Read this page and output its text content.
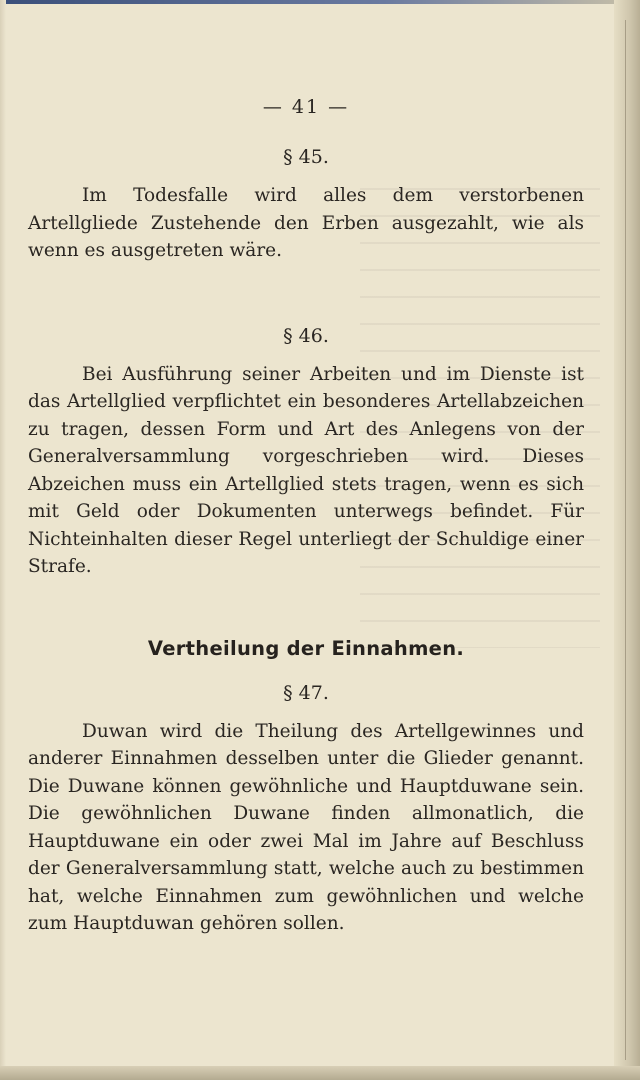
— 41 —
§ 45.

Im Todesfalle wird alles dem verstorbenen Artellgliede Zustehende den Erben ausgezahlt, wie als wenn es ausgetreten wäre.

§ 46.

Bei Ausführung seiner Arbeiten und im Dienste ist das Artellglied verpflichtet ein besonderes Artellabzeichen zu tragen, dessen Form und Art des Anlegens von der Generalversammlung vorgeschrieben wird. Dieses Abzeichen muss ein Artellglied stets tragen, wenn es sich mit Geld oder Dokumenten unterwegs befindet. Für Nichteinhalten dieser Regel unterliegt der Schuldige einer Strafe.

Vertheilung der Einnahmen.
§ 47.

Duwan wird die Theilung des Artellgewinnes und anderer Einnahmen desselben unter die Glieder genannt. Die Duwane können gewöhnliche und Hauptduwane sein. Die gewöhnlichen Duwane finden allmonatlich, die Hauptduwane ein oder zwei Mal im Jahre auf Beschluss der Generalversammlung statt, welche auch zu bestimmen hat, welche Einnahmen zum gewöhnlichen und welche zum Hauptduwan gehören sollen.
